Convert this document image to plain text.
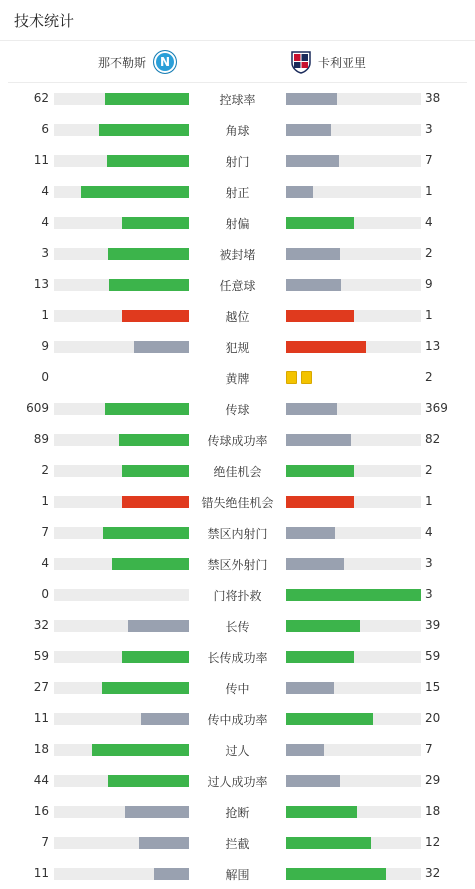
技术统计
那不勒斯 N	卡利亚里
62	控球率	38
6	角球	3
11	射门	7
4	射正	1
4	射偏	4
3	被封堵	2
13	任意球	9
1	越位	1
9	犯规	13
0	黄牌	2
609	传球	369
89	传球成功率	82
2	绝佳机会	2
1	错失绝佳机会	1
7	禁区内射门	4
4	禁区外射门	3
0	门将扑救	3
32	长传	39
59	长传成功率	59
27	传中	15
11	传中成功率	20
18	过人	7
44	过人成功率	29
16	抢断	18
7	拦截	12
11	解围	32
